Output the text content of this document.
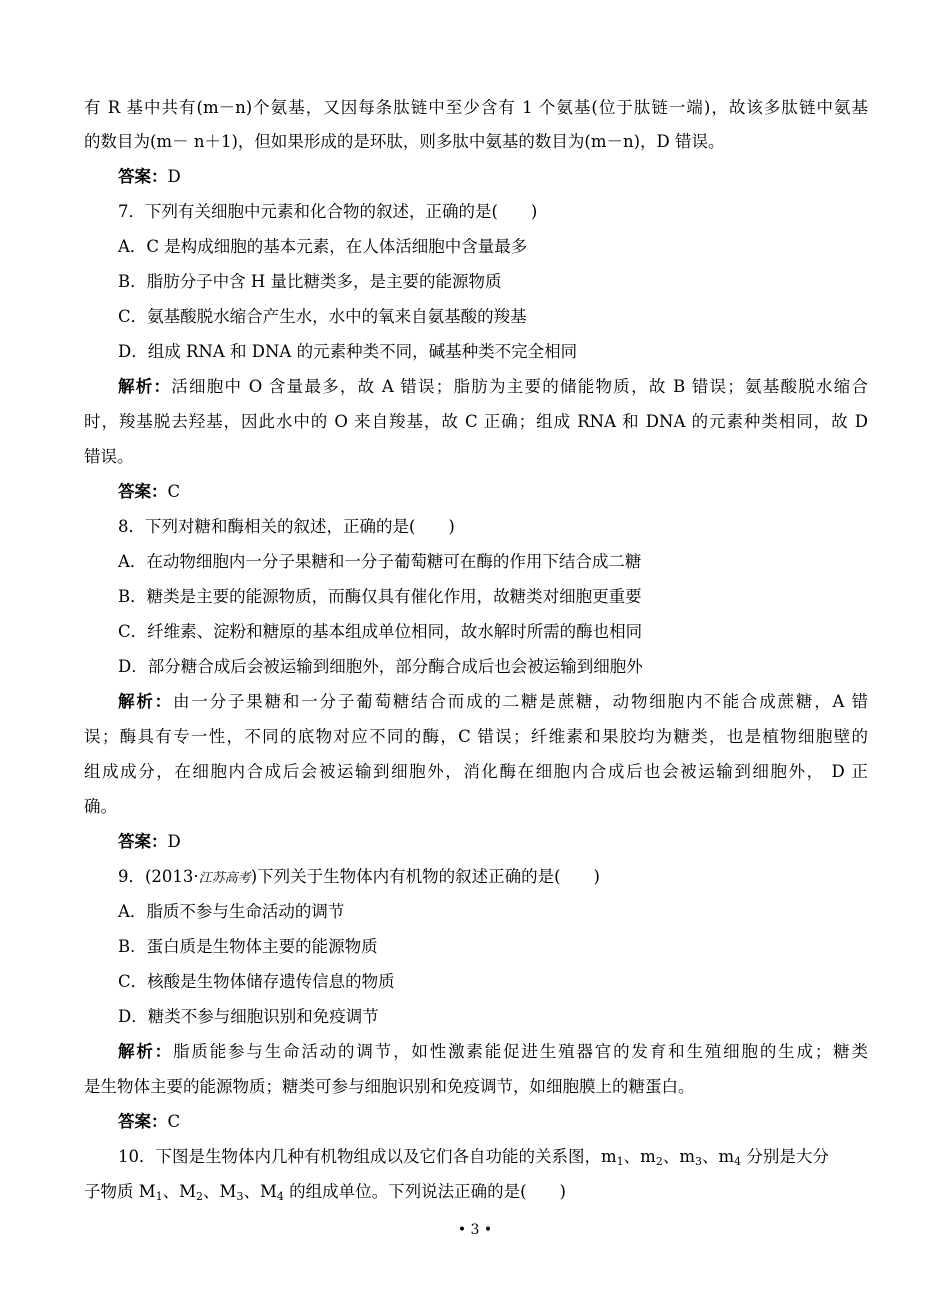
有 R 基中共有(m－n)个氨基，又因每条肽链中至少含有 1 个氨基(位于肽链一端)，故该多肽链中氨基
的数目为(m－ n＋1)，但如果形成的是环肽，则多肽中氨基的数目为(m－n)，D 错误。
答案：D
7．下列有关细胞中元素和化合物的叙述，正确的是(　　)
A．C 是构成细胞的基本元素，在人体活细胞中含量最多
B．脂肪分子中含 H 量比糖类多，是主要的能源物质
C．氨基酸脱水缩合产生水，水中的氧来自氨基酸的羧基
D．组成 RNA 和 DNA 的元素种类不同，碱基种类不完全相同
解析：活细胞中 O 含量最多，故 A 错误；脂肪为主要的储能物质，故 B 错误；氨基酸脱水缩合
时，羧基脱去羟基，因此水中的 O 来自羧基，故 C 正确；组成 RNA 和 DNA 的元素种类相同，故 D
错误。
答案：C
8．下列对糖和酶相关的叙述，正确的是(　　)
A．在动物细胞内一分子果糖和一分子葡萄糖可在酶的作用下结合成二糖
B．糖类是主要的能源物质，而酶仅具有催化作用，故糖类对细胞更重要
C．纤维素、淀粉和糖原的基本组成单位相同，故水解时所需的酶也相同
D．部分糖合成后会被运输到细胞外，部分酶合成后也会被运输到细胞外
解析：由一分子果糖和一分子葡萄糖结合而成的二糖是蔗糖，动物细胞内不能合成蔗糖，A 错
误；酶具有专一性，不同的底物对应不同的酶，C 错误；纤维素和果胶均为糖类，也是植物细胞壁的
组成成分，在细胞内合成后会被运输到细胞外，消化酶在细胞内合成后也会被运输到细胞外， D 正
确。
答案：D
9．(2013·江苏高考)下列关于生物体内有机物的叙述正确的是(　　)
A．脂质不参与生命活动的调节
B．蛋白质是生物体主要的能源物质
C．核酸是生物体储存遗传信息的物质
D．糖类不参与细胞识别和免疫调节
解析：脂质能参与生命活动的调节，如性激素能促进生殖器官的发育和生殖细胞的生成；糖类
是生物体主要的能源物质；糖类可参与细胞识别和免疫调节，如细胞膜上的糖蛋白。
答案：C
10．下图是生物体内几种有机物组成以及它们各自功能的关系图，$m_1$、$m_2$、$m_3$、$m_4$ 分别是大分
子物质 $M_1$、$M_2$、$M_3$、$M_4$ 的组成单位。下列说法正确的是(　　)
• 3 •
